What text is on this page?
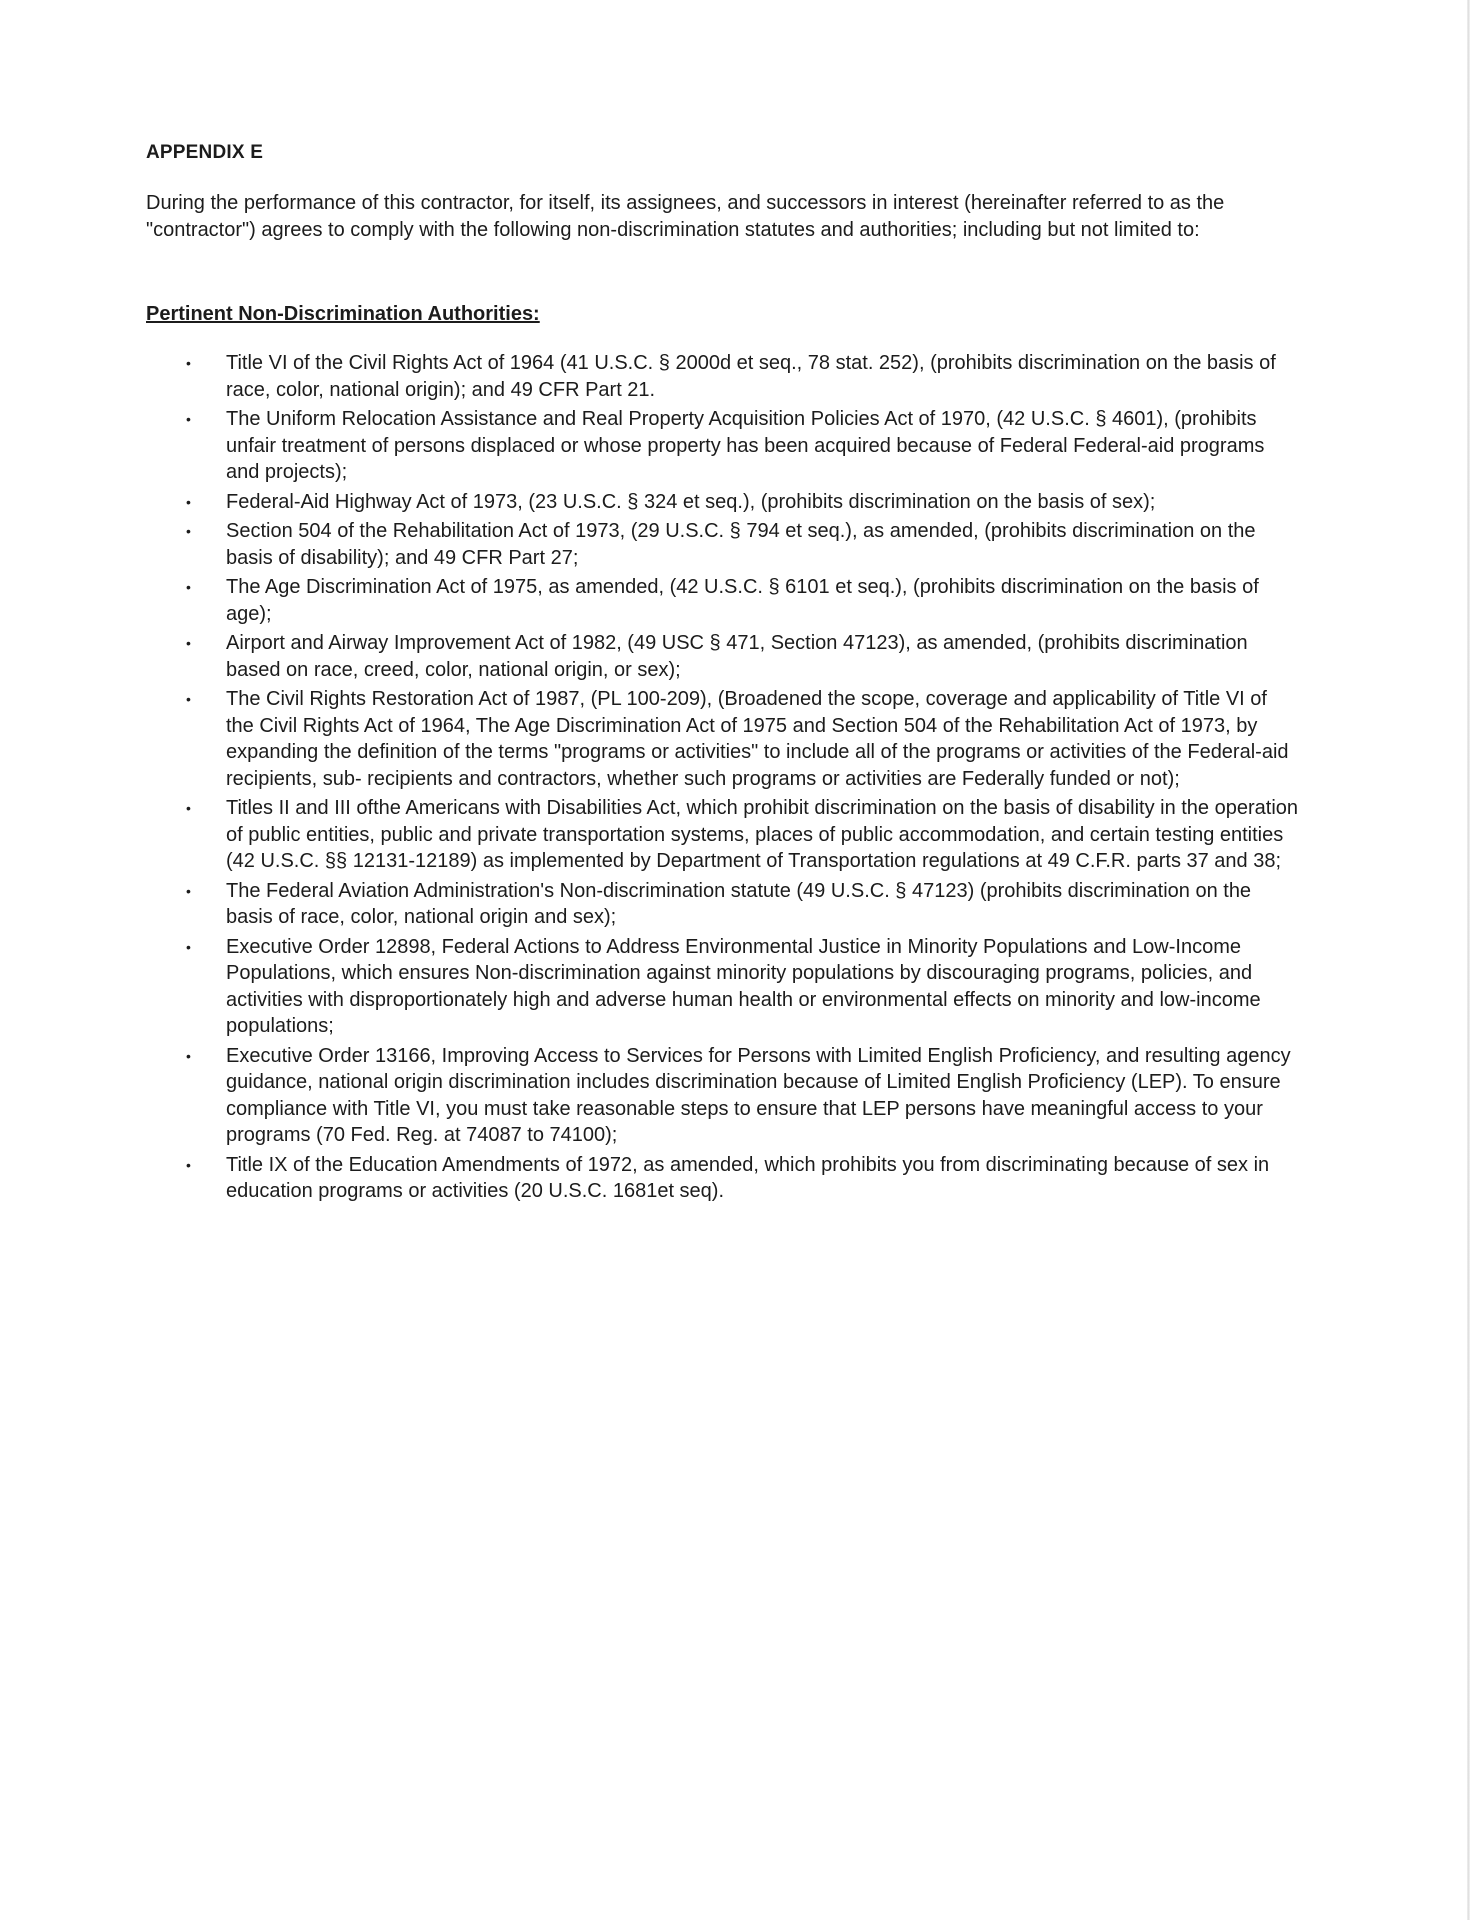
APPENDIX E
During the performance of this contractor, for itself, its assignees, and successors in interest (hereinafter referred to as the "contractor") agrees to comply with the following non-discrimination statutes and authorities; including but not limited to:
Pertinent Non-Discrimination Authorities:
• Title VI of the Civil Rights Act of 1964 (41 U.S.C. § 2000d et seq., 78 stat. 252), (prohibits discrimination on the basis of race, color, national origin); and 49 CFR Part 21.
• The Uniform Relocation Assistance and Real Property Acquisition Policies Act of 1970, (42 U.S.C. § 4601), (prohibits unfair treatment of persons displaced or whose property has been acquired because of Federal Federal-aid programs and projects);
• Federal-Aid Highway Act of 1973, (23 U.S.C. § 324 et seq.), (prohibits discrimination on the basis of sex);
• Section 504 of the Rehabilitation Act of 1973, (29 U.S.C. § 794 et seq.), as amended, (prohibits discrimination on the basis of disability); and 49 CFR Part 27;
• The Age Discrimination Act of 1975, as amended, (42 U.S.C. § 6101 et seq.), (prohibits discrimination on the basis of age);
• Airport and Airway Improvement Act of 1982, (49 USC § 471, Section 47123), as amended, (prohibits discrimination based on race, creed, color, national origin, or sex);
• The Civil Rights Restoration Act of 1987, (PL 100-209), (Broadened the scope, coverage and applicability of Title VI of the Civil Rights Act of 1964, The Age Discrimination Act of 1975 and Section 504 of the Rehabilitation Act of 1973, by expanding the definition of the terms "programs or activities" to include all of the programs or activities of the Federal-aid recipients, sub- recipients and contractors, whether such programs or activities are Federally funded or not);
• Titles II and III ofthe Americans with Disabilities Act, which prohibit discrimination on the basis of disability in the operation of public entities, public and private transportation systems, places of public accommodation, and certain testing entities (42 U.S.C. §§ 12131-12189) as implemented by Department of Transportation regulations at 49 C.F.R. parts 37 and 38;
• The Federal Aviation Administration's Non-discrimination statute (49 U.S.C. § 47123) (prohibits discrimination on the basis of race, color, national origin and sex);
• Executive Order 12898, Federal Actions to Address Environmental Justice in Minority Populations and Low-Income Populations, which ensures Non-discrimination against minority populations by discouraging programs, policies, and activities with disproportionately high and adverse human health or environmental effects on minority and low-income populations;
• Executive Order 13166, Improving Access to Services for Persons with Limited English Proficiency, and resulting agency guidance, national origin discrimination includes discrimination because of Limited English Proficiency (LEP). To ensure compliance with Title VI, you must take reasonable steps to ensure that LEP persons have meaningful access to your programs (70 Fed. Reg. at 74087 to 74100);
• Title IX of the Education Amendments of 1972, as amended, which prohibits you from discriminating because of sex in education programs or activities (20 U.S.C. 1681et seq).
